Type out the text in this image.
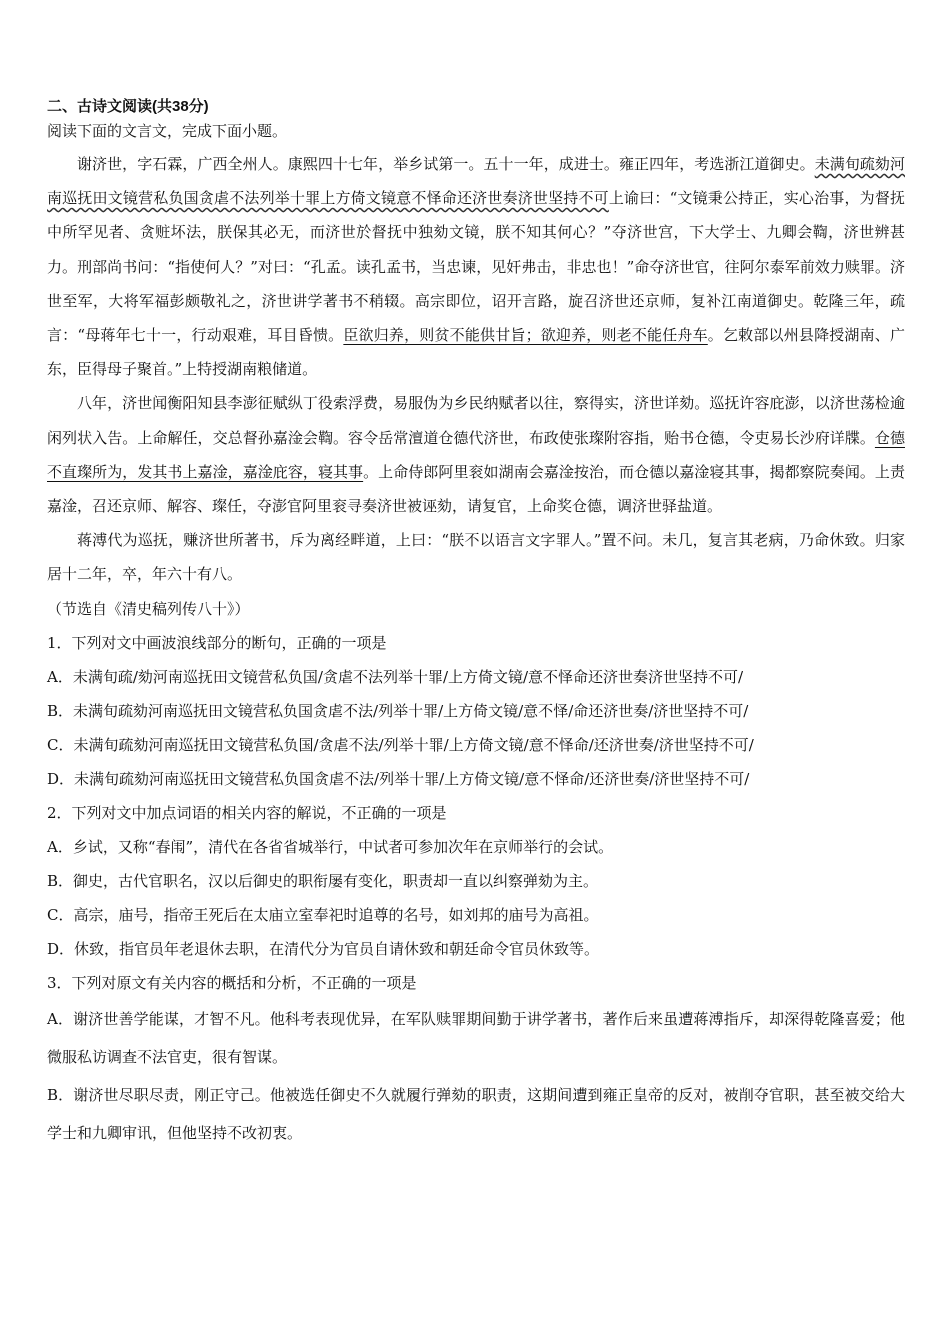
二、古诗文阅读(共38分)
阅读下面的文言文，完成下面小题。

谢济世，字石霖，广西全州人。康熙四十七年，举乡试第一。五十一年，成进士。雍正四年，考选浙江道御史。未满旬疏劾河南巡抚田文镜营私负国贪虐不法列举十罪上方倚文镜意不怿命还济世奏济世坚持不可上谕曰：“文镜秉公持正，实心治事，为督抚中所罕见者、贪赃坏法，朕保其必无，而济世於督抚中独劾文镜，朕不知其何心？”夺济世宫，下大学士、九卿会鞫，济世辨甚力。刑部尚书问：“指使何人？”对曰：“孔孟。读孔孟书，当忠谏，见奸弗击，非忠也！”命夺济世官，往阿尔泰军前效力赎罪。济世至军，大将军福彭颇敬礼之，济世讲学著书不稍辍。高宗即位，诏开言路，旋召济世还京师，复补江南道御史。乾隆三年，疏言：“母蒋年七十一，行动艰难，耳目昏愦。臣欲归养，则贫不能供甘旨；欲迎养，则老不能任舟车。乞敕部以州县降授湖南、广东，臣得母子聚首。”上特授湖南粮储道。

八年，济世闻衡阳知县李澎征赋纵丁役索浮费，易服伪为乡民纳赋者以往，察得实，济世详劾。巡抚许容庇澎，以济世荡检逾闲列状入告。上命解任，交总督孙嘉淦会鞫。容令岳常澶道仓德代济世，布政使张璨附容指，贻书仓德，令吏易长沙府详牒。仓德不直璨所为，发其书上嘉淦，嘉淦庇容，寝其事。上命侍郎阿里衮如湖南会嘉淦按治，而仓德以嘉淦寝其事，揭都察院奏闻。上责嘉淦，召还京师、解容、璨任，夺澎官阿里衮寻奏济世被诬劾，请复官，上命奖仓德，调济世驿盐道。

蒋溥代为巡抚，赚济世所著书，斥为离经畔道，上曰：“朕不以语言文字罪人。”置不问。未几，复言其老病，乃命休致。归家居十二年，卒，年六十有八。

（节选自《清史稿列传八十》）
1．下列对文中画波浪线部分的断句，正确的一项是
A．未满旬疏/劾河南巡抚田文镜营私负国/贪虐不法列举十罪/上方倚文镜/意不怿命还济世奏济世坚持不可/
B．未满旬疏劾河南巡抚田文镜营私负国贪虐不法/列举十罪/上方倚文镜/意不怿/命还济世奏/济世坚持不可/
C．未满旬疏劾河南巡抚田文镜营私负国/贪虐不法/列举十罪/上方倚文镜/意不怿命/还济世奏/济世坚持不可/
D．未满旬疏劾河南巡抚田文镜营私负国贪虐不法/列举十罪/上方倚文镜/意不怿命/还济世奏/济世坚持不可/
2．下列对文中加点词语的相关内容的解说，不正确的一项是
A．乡试，又称“春闱”，清代在各省省城举行，中试者可参加次年在京师举行的会试。
B．御史，古代官职名，汉以后御史的职衔屡有变化，职责却一直以纠察弹劾为主。
C．高宗，庙号，指帝王死后在太庙立室奉祀时追尊的名号，如刘邦的庙号为高祖。
D．休致，指官员年老退休去职，在清代分为官员自请休致和朝廷命令官员休致等。
3．下列对原文有关内容的概括和分析，不正确的一项是
A．谢济世善学能谋，才智不凡。他科考表现优异，在军队赎罪期间勤于讲学著书，著作后来虽遭蒋溥指斥，却深得乾隆喜爱；他微服私访调查不法官吏，很有智谋。
B．谢济世尽职尽责，刚正守己。他被选任御史不久就履行弹劾的职责，这期间遭到雍正皇帝的反对，被削夺官职，甚至被交给大学士和九卿审讯，但他坚持不改初衷。
